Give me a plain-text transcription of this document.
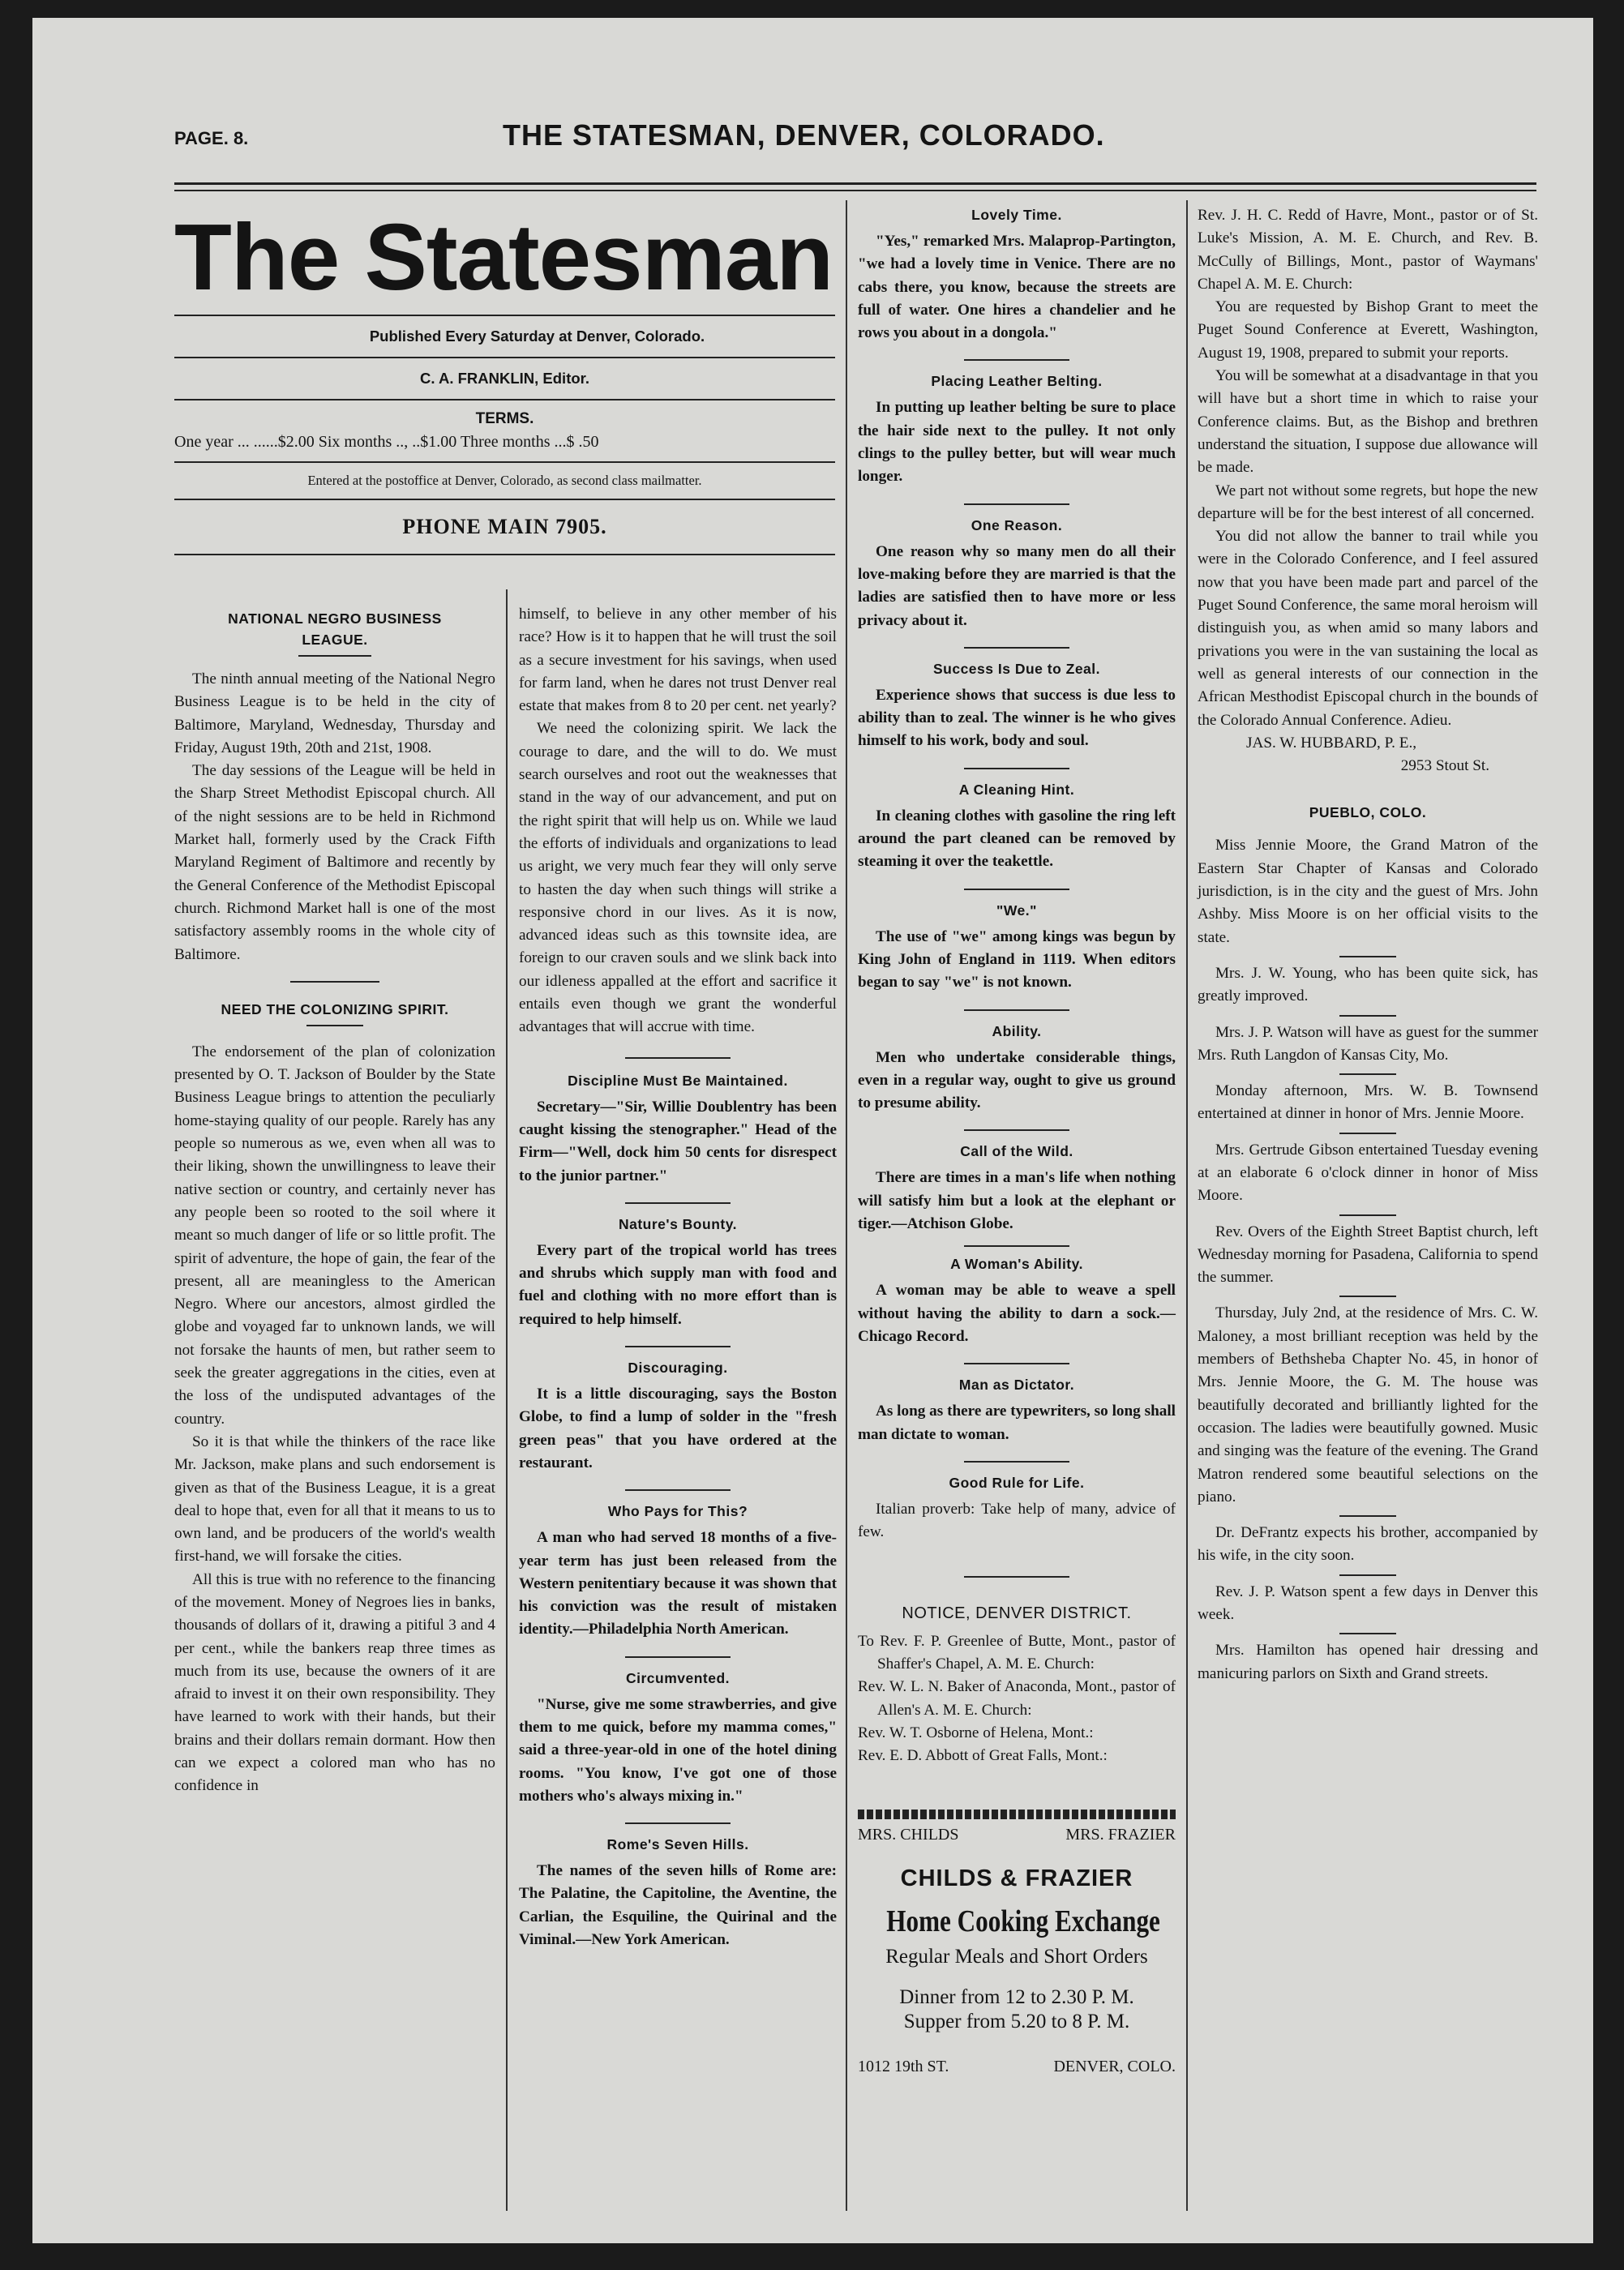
PAGE. 8.	THE STATESMAN, DENVER, COLORADO.
The Statesman
Published Every Saturday at Denver, Colorado.
C. A. FRANKLIN, Editor.
TERMS.
One year ... ......$2.00 Six months .., ..$1.00 Three months ...$ .50
Entered at the postoffice at Denver, Colorado, as second class mailmatter.
PHONE MAIN 7905.
NATIONAL NEGRO BUSINESS LEAGUE.

The ninth annual meeting of the National Negro Business League is to be held in the city of Baltimore, Maryland, Wednesday, Thursday and Friday, August 19th, 20th and 21st, 1908.

The day sessions of the League will be held in the Sharp Street Methodist Episcopal church. All of the night sessions are to be held in Richmond Market hall, formerly used by the Crack Fifth Maryland Regiment of Baltimore and recently by the General Conference of the Methodist Episcopal church. Richmond Market hall is one of the most satisfactory assembly rooms in the whole city of Baltimore.

NEED THE COLONIZING SPIRIT.

The endorsement of the plan of colonization presented by O. T. Jackson of Boulder by the State Business League brings to attention the peculiarly home-staying quality of our people. Rarely has any people so numerous as we, even when all was to their liking, shown the unwillingness to leave their native section or country, and certainly never has any people been so rooted to the soil where it meant so much danger of life or so little profit. The spirit of adventure, the hope of gain, the fear of the present, all are meaningless to the American Negro. Where our ancestors, almost girdled the globe and voyaged far to unknown lands, we will not forsake the haunts of men, but rather seem to seek the greater aggregations in the cities, even at the loss of the undisputed advantages of the country.

So it is that while the thinkers of the race like Mr. Jackson, make plans and such endorsement is given as that of the Business League, it is a great deal to hope that, even for all that it means to us to own land, and be producers of the world's wealth first-hand, we will forsake the cities.

All this is true with no reference to the financing of the movement. Money of Negroes lies in banks, thousands of dollars of it, drawing a pitiful 3 and 4 per cent., while the bankers reap three times as much from its use, because the owners of it are afraid to invest it on their own responsibility. They have learned to work with their hands, but their brains and their dollars remain dormant. How then can we expect a colored man who has no confidence in

himself, to believe in any other member of his race? How is it to happen that he will trust the soil as a secure investment for his savings, when used for farm land, when he dares not trust Denver real estate that makes from 8 to 20 per cent. net yearly?

We need the colonizing spirit. We lack the courage to dare, and the will to do. We must search ourselves and root out the weaknesses that stand in the way of our advancement, and put on the right spirit that will help us on. While we laud the efforts of individuals and organizations to lead us aright, we very much fear they will only serve to hasten the day when such things will strike a responsive chord in our lives. As it is now, advanced ideas such as this townsite idea, are foreign to our craven souls and we slink back into our idleness appalled at the effort and sacrifice it entails even though we grant the wonderful advantages that will accrue with time.

Discipline Must Be Maintained.

Secretary—"Sir, Willie Doublentry has been caught kissing the stenographer." Head of the Firm—"Well, dock him 50 cents for disrespect to the junior partner."

Nature's Bounty.

Every part of the tropical world has trees and shrubs which supply man with food and fuel and clothing with no more effort than is required to help himself.

Discouraging.

It is a little discouraging, says the Boston Globe, to find a lump of solder in the "fresh green peas" that you have ordered at the restaurant.

Who Pays for This?

A man who had served 18 months of a five-year term has just been released from the Western penitentiary because it was shown that his conviction was the result of mistaken identity.—Philadelphia North American.

Circumvented.

"Nurse, give me some strawberries, and give them to me quick, before my mamma comes," said a three-year-old in one of the hotel dining rooms. "You know, I've got one of those mothers who's always mixing in."

Rome's Seven Hills.

The names of the seven hills of Rome are: The Palatine, the Capitoline, the Aventine, the Carlian, the Esquiline, the Quirinal and the Viminal.—New York American.

Lovely Time.

"Yes," remarked Mrs. Malaprop-Partington, "we had a lovely time in Venice. There are no cabs there, you know, because the streets are full of water. One hires a chandelier and he rows you about in a dongola."

Placing Leather Belting.

In putting up leather belting be sure to place the hair side next to the pulley. It not only clings to the pulley better, but will wear much longer.

One Reason.

One reason why so many men do all their love-making before they are married is that the ladies are satisfied then to have more or less privacy about it.

Success Is Due to Zeal.

Experience shows that success is due less to ability than to zeal. The winner is he who gives himself to his work, body and soul.

A Cleaning Hint.

In cleaning clothes with gasoline the ring left around the part cleaned can be removed by steaming it over the teakettle.

"We."

The use of "we" among kings was begun by King John of England in 1119. When editors began to say "we" is not known.

Ability.

Men who undertake considerable things, even in a regular way, ought to give us ground to presume ability.

Call of the Wild.

There are times in a man's life when nothing will satisfy him but a look at the elephant or tiger.—Atchison Globe.

A Woman's Ability.

A woman may be able to weave a spell without having the ability to darn a sock.—Chicago Record.

Man as Dictator.

As long as there are typewriters, so long shall man dictate to woman.

Good Rule for Life.

Italian proverb: Take help of many, advice of few.

NOTICE, DENVER DISTRICT.

To Rev. F. P. Greenlee of Butte, Mont., pastor of Shaffer's Chapel, A. M. E. Church:

Rev. W. L. N. Baker of Anaconda, Mont., pastor of Allen's A. M. E. Church:

Rev. W. T. Osborne of Helena, Mont.:

Rev. E. D. Abbott of Great Falls, Mont.:

MRS. CHILDS	MRS. FRAZIER
CHILDS & FRAZIER
Home Cooking Exchange
Regular Meals and Short Orders
Dinner from 12 to 2.30 P. M.
Supper from 5.20 to 8 P. M.
1012 19th ST.	DENVER, COLO.

Rev. J. H. C. Redd of Havre, Mont., pastor or of St. Luke's Mission, A. M. E. Church, and Rev. B. McCully of Billings, Mont., pastor of Waymans' Chapel A. M. E. Church:

You are requested by Bishop Grant to meet the Puget Sound Conference at Everett, Washington, August 19, 1908, prepared to submit your reports.

You will be somewhat at a disadvantage in that you will have but a short time in which to raise your Conference claims. But, as the Bishop and brethren understand the situation, I suppose due allowance will be made.

We part not without some regrets, but hope the new departure will be for the best interest of all concerned.

You did not allow the banner to trail while you were in the Colorado Conference, and I feel assured now that you have been made part and parcel of the Puget Sound Conference, the same moral heroism will distinguish you, as when amid so many labors and privations you were in the van sustaining the local as well as general interests of our connection in the African Mesthodist Episcopal church in the bounds of the Colorado Annual Conference. Adieu.

JAS. W. HUBBARD, P. E.,
2953 Stout St.
PUEBLO, COLO.

Miss Jennie Moore, the Grand Matron of the Eastern Star Chapter of Kansas and Colorado jurisdiction, is in the city and the guest of Mrs. John Ashby. Miss Moore is on her official visits to the state.

Mrs. J. W. Young, who has been quite sick, has greatly improved.

Mrs. J. P. Watson will have as guest for the summer Mrs. Ruth Langdon of Kansas City, Mo.

Monday afternoon, Mrs. W. B. Townsend entertained at dinner in honor of Mrs. Jennie Moore.

Mrs. Gertrude Gibson entertained Tuesday evening at an elaborate 6 o'clock dinner in honor of Miss Moore.

Rev. Overs of the Eighth Street Baptist church, left Wednesday morning for Pasadena, California to spend the summer.

Thursday, July 2nd, at the residence of Mrs. C. W. Maloney, a most brilliant reception was held by the members of Bethsheba Chapter No. 45, in honor of Mrs. Jennie Moore, the G. M. The house was beautifully decorated and brilliantly lighted for the occasion. The ladies were beautifully gowned. Music and singing was the feature of the evening. The Grand Matron rendered some beautiful selections on the piano.

Dr. DeFrantz expects his brother, accompanied by his wife, in the city soon.

Rev. J. P. Watson spent a few days in Denver this week.

Mrs. Hamilton has opened hair dressing and manicuring parlors on Sixth and Grand streets.
